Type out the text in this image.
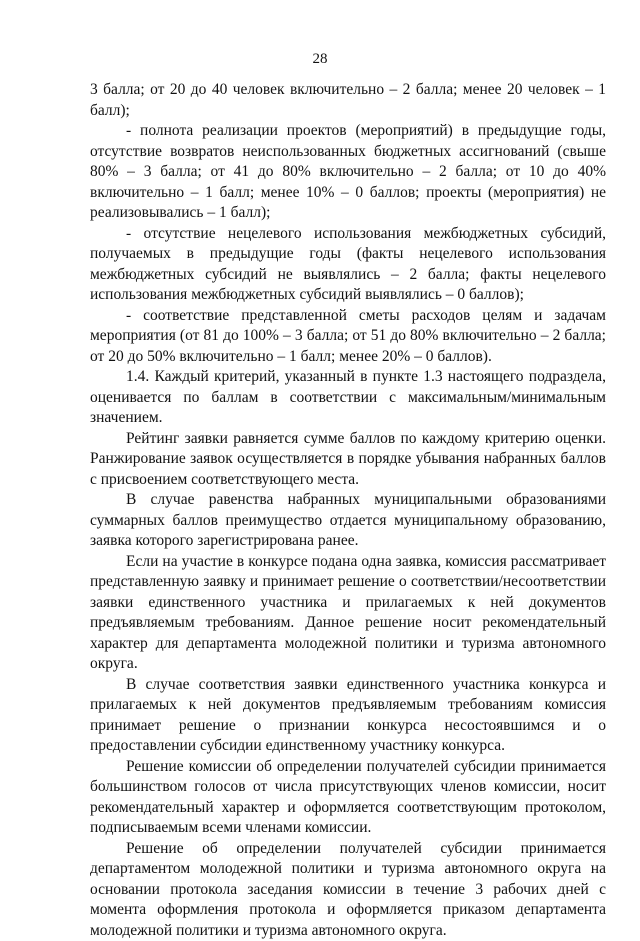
28

3 балла; от 20 до 40 человек включительно – 2 балла; менее 20 человек – 1 балл);

- полнота реализации проектов (мероприятий) в предыдущие годы, отсутствие возвратов неиспользованных бюджетных ассигнований (свыше 80% – 3 балла; от 41 до 80% включительно – 2 балла; от 10 до 40% включительно – 1 балл; менее 10% – 0 баллов; проекты (мероприятия) не реализовывались – 1 балл);

- отсутствие нецелевого использования межбюджетных субсидий, получаемых в предыдущие годы (факты нецелевого использования межбюджетных субсидий не выявлялись – 2 балла; факты нецелевого использования межбюджетных субсидий выявлялись – 0 баллов);

- соответствие представленной сметы расходов целям и задачам мероприятия (от 81 до 100% – 3 балла; от 51 до 80% включительно – 2 балла; от 20 до 50% включительно – 1 балл; менее 20% – 0 баллов).

1.4. Каждый критерий, указанный в пункте 1.3 настоящего подраздела, оценивается по баллам в соответствии с максимальным/минимальным значением.

Рейтинг заявки равняется сумме баллов по каждому критерию оценки. Ранжирование заявок осуществляется в порядке убывания набранных баллов с присвоением соответствующего места.

В случае равенства набранных муниципальными образованиями суммарных баллов преимущество отдается муниципальному образованию, заявка которого зарегистрирована ранее.

Если на участие в конкурсе подана одна заявка, комиссия рассматривает представленную заявку и принимает решение о соответствии/несоответствии заявки единственного участника и прилагаемых к ней документов предъявляемым требованиям. Данное решение носит рекомендательный характер для департамента молодежной политики и туризма автономного округа.

В случае соответствия заявки единственного участника конкурса и прилагаемых к ней документов предъявляемым требованиям комиссия принимает решение о признании конкурса несостоявшимся и о предоставлении субсидии единственному участнику конкурса.

Решение комиссии об определении получателей субсидии принимается большинством голосов от числа присутствующих членов комиссии, носит рекомендательный характер и оформляется соответствующим протоколом, подписываемым всеми членами комиссии.

Решение об определении получателей субсидии принимается департаментом молодежной политики и туризма автономного округа на основании протокола заседания комиссии в течение 3 рабочих дней с момента оформления протокола и оформляется приказом департамента молодежной политики и туризма автономного округа.
